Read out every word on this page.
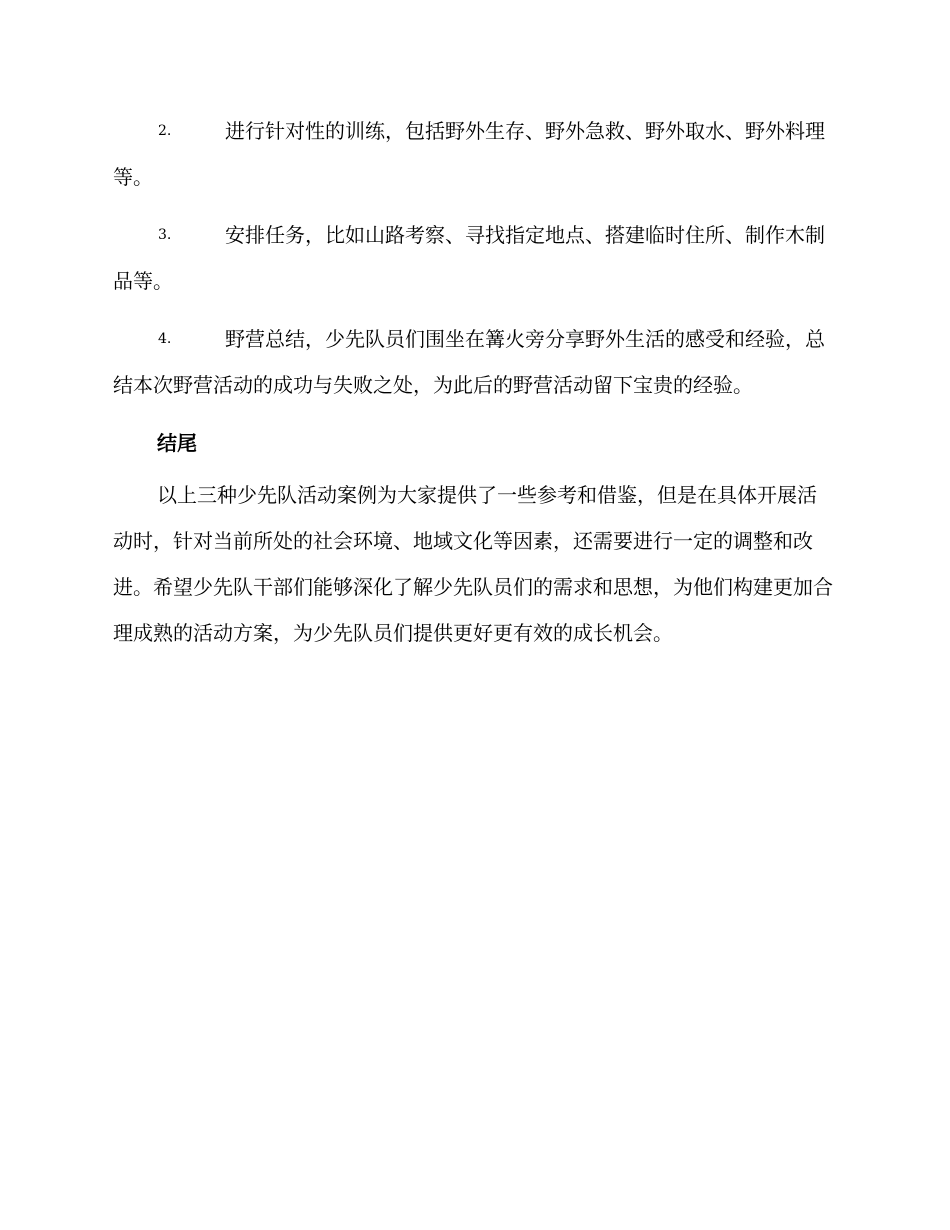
2.	进行针对性的训练，包括野外生存、野外急救、野外取水、野外料理等。

3.	安排任务，比如山路考察、寻找指定地点、搭建临时住所、制作木制品等。

4.	野营总结，少先队员们围坐在篝火旁分享野外生活的感受和经验，总结本次野营活动的成功与失败之处，为此后的野营活动留下宝贵的经验。

结尾

以上三种少先队活动案例为大家提供了一些参考和借鉴，但是在具体开展活动时，针对当前所处的社会环境、地域文化等因素，还需要进行一定的调整和改进。希望少先队干部们能够深化了解少先队员们的需求和思想，为他们构建更加合理成熟的活动方案，为少先队员们提供更好更有效的成长机会。
